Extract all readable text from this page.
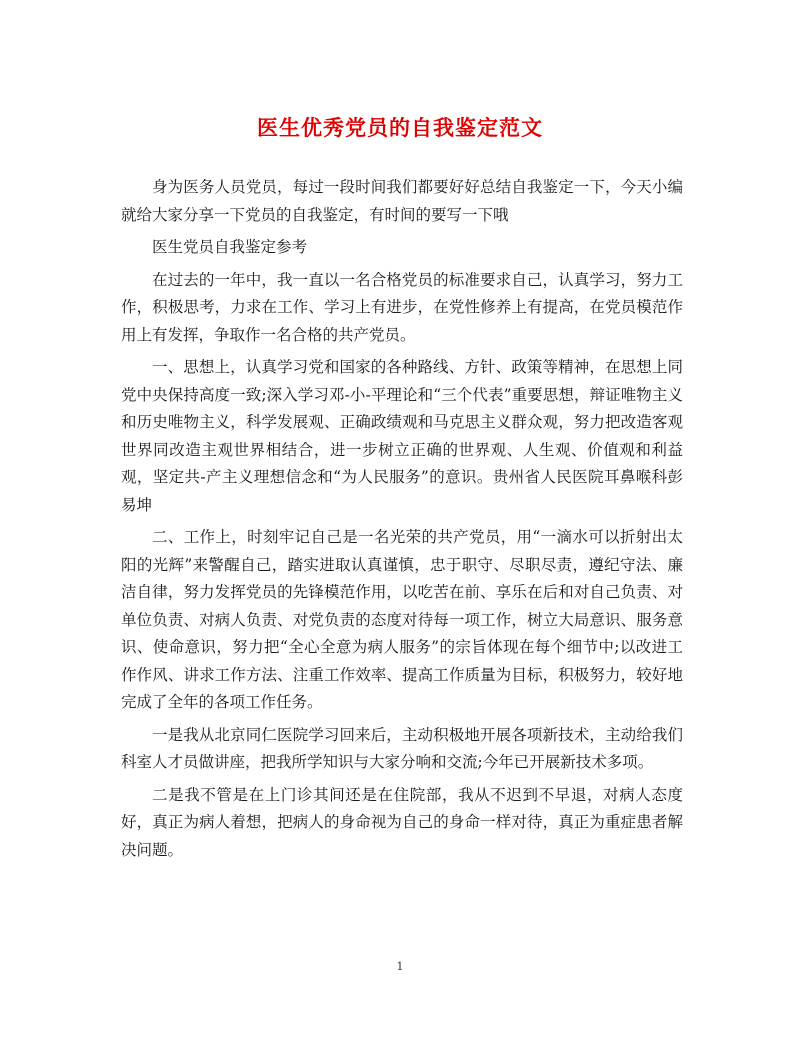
医生优秀党员的自我鉴定范文

身为医务人员党员，每过一段时间我们都要好好总结自我鉴定一下，今天小编就给大家分享一下党员的自我鉴定，有时间的要写一下哦

医生党员自我鉴定参考

在过去的一年中，我一直以一名合格党员的标准要求自己，认真学习，努力工作，积极思考，力求在工作、学习上有进步，在党性修养上有提高，在党员模范作用上有发挥，争取作一名合格的共产党员。

一、思想上，认真学习党和国家的各种路线、方针、政策等精神，在思想上同党中央保持高度一致;深入学习邓-小-平理论和“三个代表”重要思想，辩证唯物主义和历史唯物主义，科学发展观、正确政绩观和马克思主义群众观，努力把改造客观世界同改造主观世界相结合，进一步树立正确的世界观、人生观、价值观和利益观，坚定共-产主义理想信念和“为人民服务”的意识。贵州省人民医院耳鼻喉科彭易坤

二、工作上，时刻牢记自己是一名光荣的共产党员，用“一滴水可以折射出太阳的光辉”来警醒自己，踏实进取认真谨慎，忠于职守、尽职尽责，遵纪守法、廉洁自律，努力发挥党员的先锋模范作用，以吃苦在前、享乐在后和对自己负责、对单位负责、对病人负责、对党负责的态度对待每一项工作，树立大局意识、服务意识、使命意识，努力把“全心全意为病人服务”的宗旨体现在每个细节中;以改进工作作风、讲求工作方法、注重工作效率、提高工作质量为目标，积极努力，较好地完成了全年的各项工作任务。

一是我从北京同仁医院学习回来后，主动积极地开展各项新技术，主动给我们科室人才员做讲座，把我所学知识与大家分响和交流;今年已开展新技术多项。

二是我不管是在上门诊其间还是在住院部，我从不迟到不早退，对病人态度好，真正为病人着想，把病人的身命视为自己的身命一样对待，真正为重症患者解决问题。

1
